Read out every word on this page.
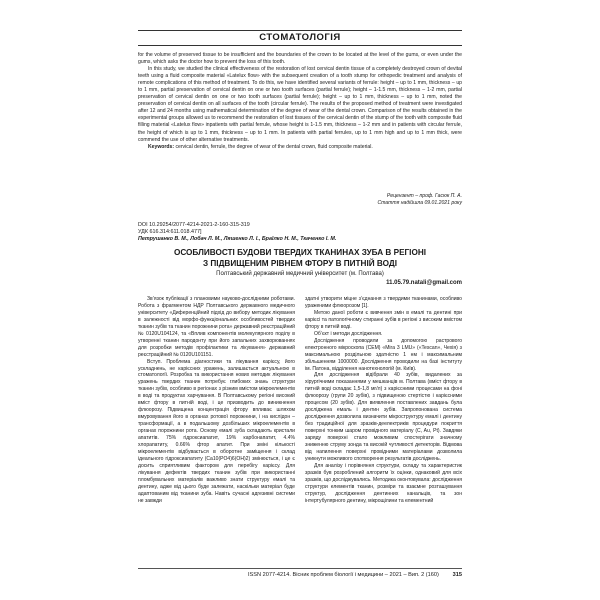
СТОМАТОЛОГІЯ

for the volume of preserved tissue to be insufficient and the boundaries of the crown to be located at the level of the gums, or even under the gums, which asks the doctor how to prevent the loss of this tooth.

In this study, we studied the clinical effectiveness of the restoration of lost cervical dentin tissue of a completely destroyed crown of devital teeth using a fluid composite material «Latelux flow» with the subsequent creation of a tooth stump for orthopedic treatment and analysis of remote complications of this method of treatment. To do this, we have identified several variants of ferrule: height – up to 1 mm, thickness – up to 1 mm, partial preservation of cervical dentin on one or two tooth surfaces (partial ferrule); height – 1-1.5 mm, thickness – 1-2 mm, partial preservation of cervical dentin on one or two tooth surfaces (partial ferrule); height – up to 1 mm, thickness – up to 1 mm, noted the preservation of cervical dentin on all surfaces of the tooth (circular ferrule). The results of the proposed method of treatment were investigated after 12 and 24 months using mathematical determination of the degree of wear of the dental crown. Comparison of the results obtained in the experimental groups allowed us to recommend the restoration of lost tissues of the cervical dentin of the stump of the tooth with composite fluid filling material «Latelux flow» inpatients with partial ferrule, whose height is 1-1.5 mm, thickness – 1-2 mm and in patients with circular ferrule, the height of which is up to 1 mm, thickness – up to 1 mm. In patients with partial ferrules, up to 1 mm high and up to 1 mm thick, were commend the use of other alternative treatments.

Keywords: cervical dentin, ferrule, the degree of wear of the dental crown, fluid composite material.

Рецензент – проф. Гасюк П. А.
Стаття надійшла 09.01.2021 року
DOI 10.29254/2077-4214-2021-2-160-315-319
УДК 616.314:611.018.477]
Петрушанко В. М., Лобач Л. М., Ляшенко Л. І., Браїлко Н. М., Ткаченко І. М.
ОСОБЛИВОСТІ БУДОВИ ТВЕРДИХ ТКАНИНАХ ЗУБА В РЕГІОНІ
З ПІДВИЩЕНИМ РІВНЕМ ФТОРУ В ПИТНІЙ ВОДІ
Полтавський державний медичний університет (м. Полтава)
11.05.79.natali@gmail.com

Зв’язок публікації з плановими науково-дослідними роботами. Робота з фрагментом НДР Полтавського державного медичного університету «Диференційний підхід до вибору методик лікування в залежності від морфо-функціональних особливостей твердих тканин зубів та тканин порожнини рота» державний реєстраційний № 0120U104124, та «Вплив компонентів молекулярного поділу в утворенні тканин пародонту при його запальних захворюваннях для розробки методів профілактики та лікування» державний реєстраційний № 0120U101151.

Вступ. Проблема діагностики та лікування карієсу, його ускладнень, не карієсних уражень, залишається актуальною в стоматології. Розробка та використання нових методик лікування уражень твердих тканин потребує глибоких знань структури тканин зубів, особливо в регіонах з різним вмістом мікроелементів в воді та продуктах харчування. В Полтавському регіоні високий вміст фтору в питній воді, і це призводить до виникнення флюорозу. Підвищена концентрація фтору впливає шляхом вмуровування його в органах ротової порожнини, і на кислідон – трансформації, а в подальшому дозбільших мікроелементів в органах порожнини рота. Основу емалі зуба складають кристали апатитів. 75% гідроксиапатит, 19% карбонапатит, 4.4% хлорапатиту, 0.66% фтор апатит. При зміні кількості мікроелементів відбувається в оборотне заміщення і склад ідеального гідроксиапатиту (Ca10(PO4)6(OH)2) змінюється, і це є досить сприятливим фактором для перебігу карієсу. Для лікування дефектів твердих тканин зубів при використанні пломбувальних матеріалів важливо знати структуру емалі та дентину, адже від цього буде залежати, наскільки матеріал буде адаптованим від тканини зуба. Навіть сучасні адгезивні системи не завжди

здатні утворити міцне з’єднання з твердими тканинами, особливо ураженими флюорозом [1].

Метою даної роботи є вивчення змін в емалі та дентині при карієсі та патологічному стиранні зубів в регіоні з високим вмістом фтору в питній воді.

Об’єкт і методи дослідження.

Дослідження проводили за допомогою растрового електронного мікроскопа (СЕМ) «Mira 3 LMU» («Tescan», Чехія) з максимальною роздільною здатністю 1 нм і максимальним збільшенням 1000000. Дослідження проводили на базі інституту ім. Патона, відділення нанотехнологій (м. Київ).

Для дослідження відібрали 40 зубів, видалених за хірургічними показаннями у мешканців м. Полтава (вміст фтору в питній воді складає 1,5-1,8 мг/л) з карієсними процесами на фоні флюорозу (групи 20 зубів), з підвищеною стертістю і карієсними процесом (20 зубів). Для виявлення поставлених завдань була досліджена емаль і дентин зубів. Запропонована система дослідження дозволила визначити мікроструктуру емалі і дентину без традиційної для зразків-деелектриків процедури покриття поверхні тонким шаром провідного матеріалу (C, Au, Pt). Завдяки заряду поверхні стало можливим спостерігати значному зниженню струму зонда та високій чутливості детекторів. Відмова від напилення поверхні провідними матеріалами дозволила уникнути можливого спотворення результатів досліджень.

Для аналізу і порівняння структури, складу та характеристик зразків був розроблений алгоритм їх оцінки, однаковий для всіх зразків, що досліджувались. Методика оконтовувала: дослідження структури елементів тканин, розміри та взаємне розташування структур, дослідження дентинних канальців, та зон інтертубулярного дентину, мікрощілини та елементний

ISSN 2077-4214. Вісник проблем біології і медицини – 2021 – Вип. 2 (160) 315
